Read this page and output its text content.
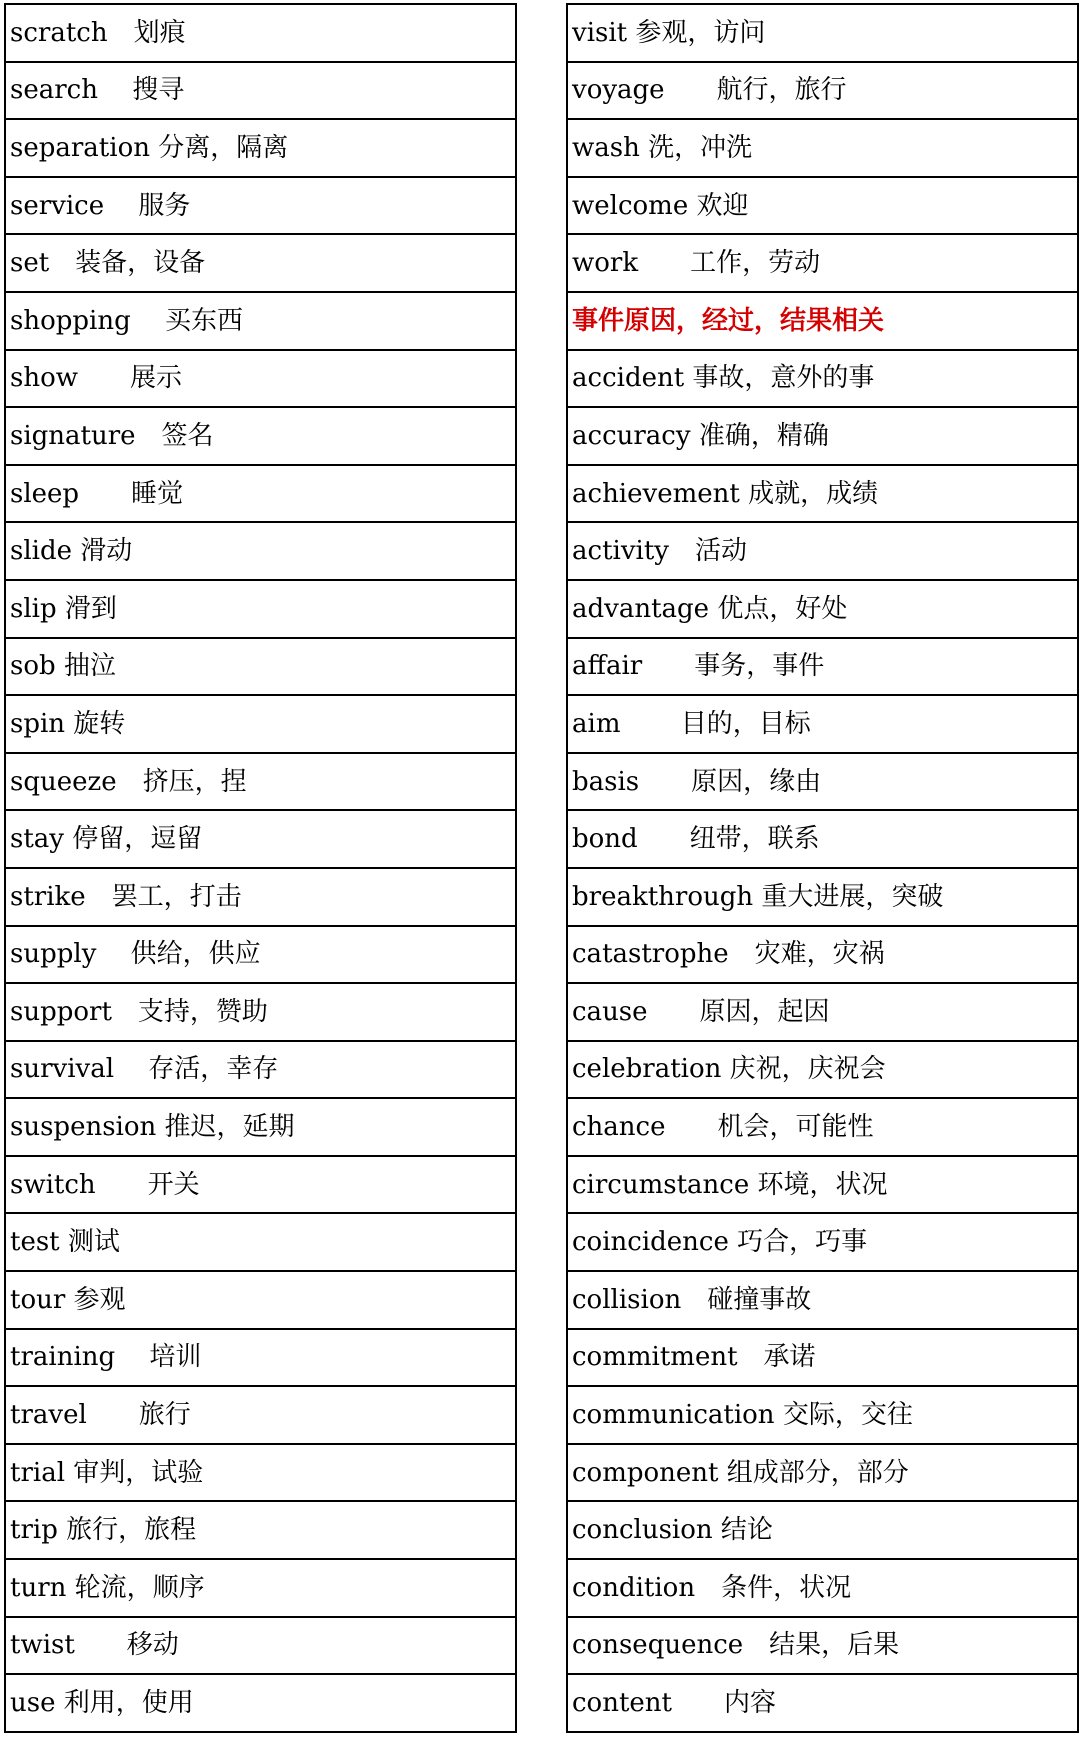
scratch　划痕
search　 搜寻
separation 分离，隔离
service　 服务
set　装备，设备
shopping　 买东西
show　　展示
signature　签名
sleep　　睡觉
slide 滑动
slip 滑到
sob 抽泣
spin 旋转
squeeze　挤压，捏
stay 停留，逗留
strike　罢工，打击
supply　 供给，供应
support　支持，赞助
survival　 存活，幸存
suspension 推迟，延期
switch　　开关
test 测试
tour 参观
training　 培训
travel　　旅行
trial 审判，试验
trip 旅行，旅程
turn 轮流，顺序
twist　　移动
use 利用，使用
visit 参观，访问
voyage　　航行，旅行
wash 洗，冲洗
welcome 欢迎
work　　工作，劳动
事件原因，经过，结果相关
accident 事故，意外的事
accuracy 准确，精确
achievement 成就，成绩
activity　活动
advantage 优点，好处
affair　　事务，事件
aim　　 目的，目标
basis　　原因，缘由
bond　　纽带，联系
breakthrough 重大进展，突破
catastrophe　灾难，灾祸
cause　　原因，起因
celebration 庆祝，庆祝会
chance　　机会，可能性
circumstance 环境，状况
coincidence 巧合，巧事
collision　碰撞事故
commitment　承诺
communication 交际，交往
component 组成部分，部分
conclusion 结论
condition　条件，状况
consequence　结果，后果
content　　内容
